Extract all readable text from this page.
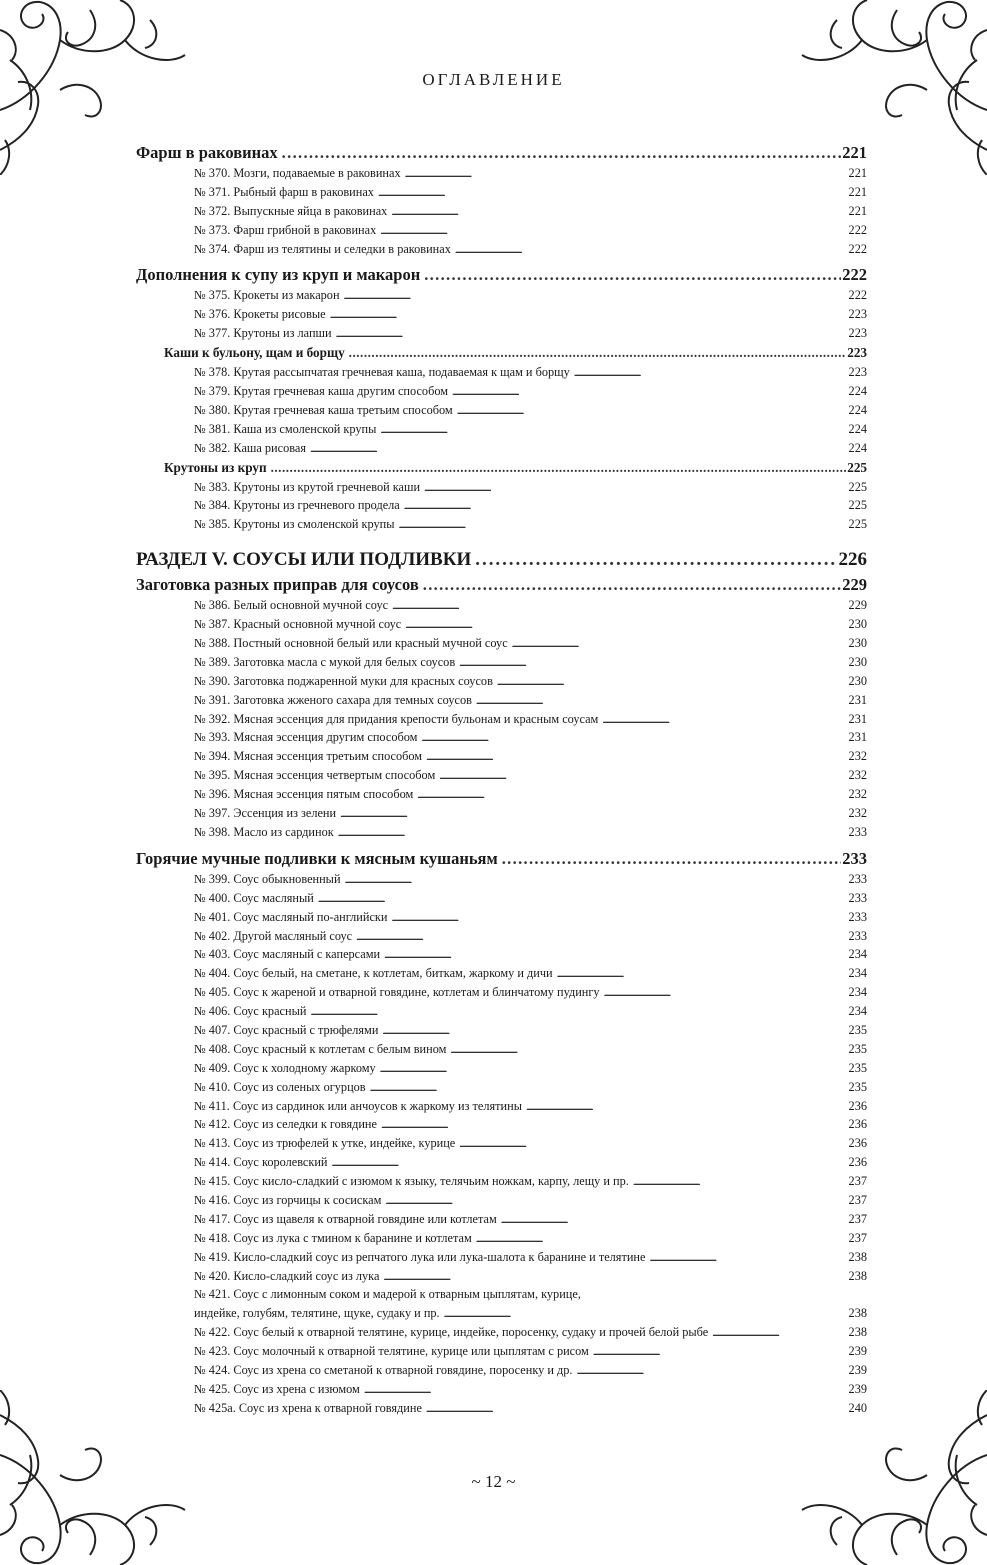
ОГЛАВЛЕНИЕ
Фарш в раковинах . . .	221
№ 370. Мозги, подаваемые в раковинах . . .	221
№ 371. Рыбный фарш в раковинах . . .	221
№ 372. Выпускные яйца в раковинах . . .	221
№ 373. Фарш грибной в раковинах . . .	222
№ 374. Фарш из телятины и селедки в раковинах . . .	222
Дополнения к супу из круп и макарон . . .	222
№ 375. Крокеты из макарон . . .	222
№ 376. Крокеты рисовые . . .	223
№ 377. Крутоны из лапши . . .	223
Каши к бульону, щам и борщу . . .	223
№ 378. Крутая рассыпчатая гречневая каша, подаваемая к щам и борщу . . .	223
№ 379. Крутая гречневая каша другим способом . . .	224
№ 380. Крутая гречневая каша третьим способом . . .	224
№ 381. Каша из смоленской крупы . . .	224
№ 382. Каша рисовая . . .	224
Крутоны из круп . . .	225
№ 383. Крутоны из крутой гречневой каши . . .	225
№ 384. Крутоны из гречневого продела . . .	225
№ 385. Крутоны из смоленской крупы . . .	225
РАЗДЕЛ V. СОУСЫ ИЛИ ПОДЛИВКИ . . .	226
Заготовка разных приправ для соусов . . .	229
№ 386. Белый основной мучной соус . . .	229
№ 387. Красный основной мучной соус . . .	230
№ 388. Постный основной белый или красный мучной соус . . .	230
№ 389. Заготовка масла с мукой для белых соусов . . .	230
№ 390. Заготовка поджаренной муки для красных соусов . . .	230
№ 391. Заготовка жженого сахара для темных соусов . . .	231
№ 392. Мясная эссенция для придания крепости бульонам и красным соусам . . .	231
№ 393. Мясная эссенция другим способом . . .	231
№ 394. Мясная эссенция третьим способом . . .	232
№ 395. Мясная эссенция четвертым способом . . .	232
№ 396. Мясная эссенция пятым способом . . .	232
№ 397. Эссенция из зелени . . .	232
№ 398. Масло из сардинок . . .	233
Горячие мучные подливки к мясным кушаньям . . .	233
№ 399. Соус обыкновенный . . .	233
№ 400. Соус масляный . . .	233
№ 401. Соус масляный по-английски . . .	233
№ 402. Другой масляный соус . . .	233
№ 403. Соус масляный с каперсами . . .	234
№ 404. Соус белый, на сметане, к котлетам, биткам, жаркому и дичи . . .	234
№ 405. Соус к жареной и отварной говядине, котлетам и блинчатому пудингу . . .	234
№ 406. Соус красный . . .	234
№ 407. Соус красный с трюфелями . . .	235
№ 408. Соус красный к котлетам с белым вином . . .	235
№ 409. Соус к холодному жаркому . . .	235
№ 410. Соус из соленых огурцов . . .	235
№ 411. Соус из сардинок или анчоусов к жаркому из телятины . . .	236
№ 412. Соус из селедки к говядине . . .	236
№ 413. Соус из трюфелей к утке, индейке, курице . . .	236
№ 414. Соус королевский . . .	236
№ 415. Соус кисло-сладкий с изюмом к языку, телячьим ножкам, карпу, лещу и пр. . . .	237
№ 416. Соус из горчицы к сосискам . . .	237
№ 417. Соус из щавеля к отварной говядине или котлетам . . .	237
№ 418. Соус из лука с тмином к баранине и котлетам . . .	237
№ 419. Кисло-сладкий соус из репчатого лука или лука-шалота к баранине и телятине . . .	238
№ 420. Кисло-сладкий соус из лука . . .	238
№ 421. Соус с лимонным соком и мадерой к отварным цыплятам, курице,
индейке, голубям, телятине, щуке, судаку и пр. . . .	238
№ 422. Соус белый к отварной телятине, курице, индейке, поросенку, судаку и прочей белой рыбе . . .	238
№ 423. Соус молочный к отварной телятине, курице или цыплятам с рисом . . .	239
№ 424. Соус из хрена со сметаной к отварной говядине, поросенку и др. . . .	239
№ 425. Соус из хрена с изюмом . . .	239
№ 425а. Соус из хрена к отварной говядине . . .	240
~ 12 ~
